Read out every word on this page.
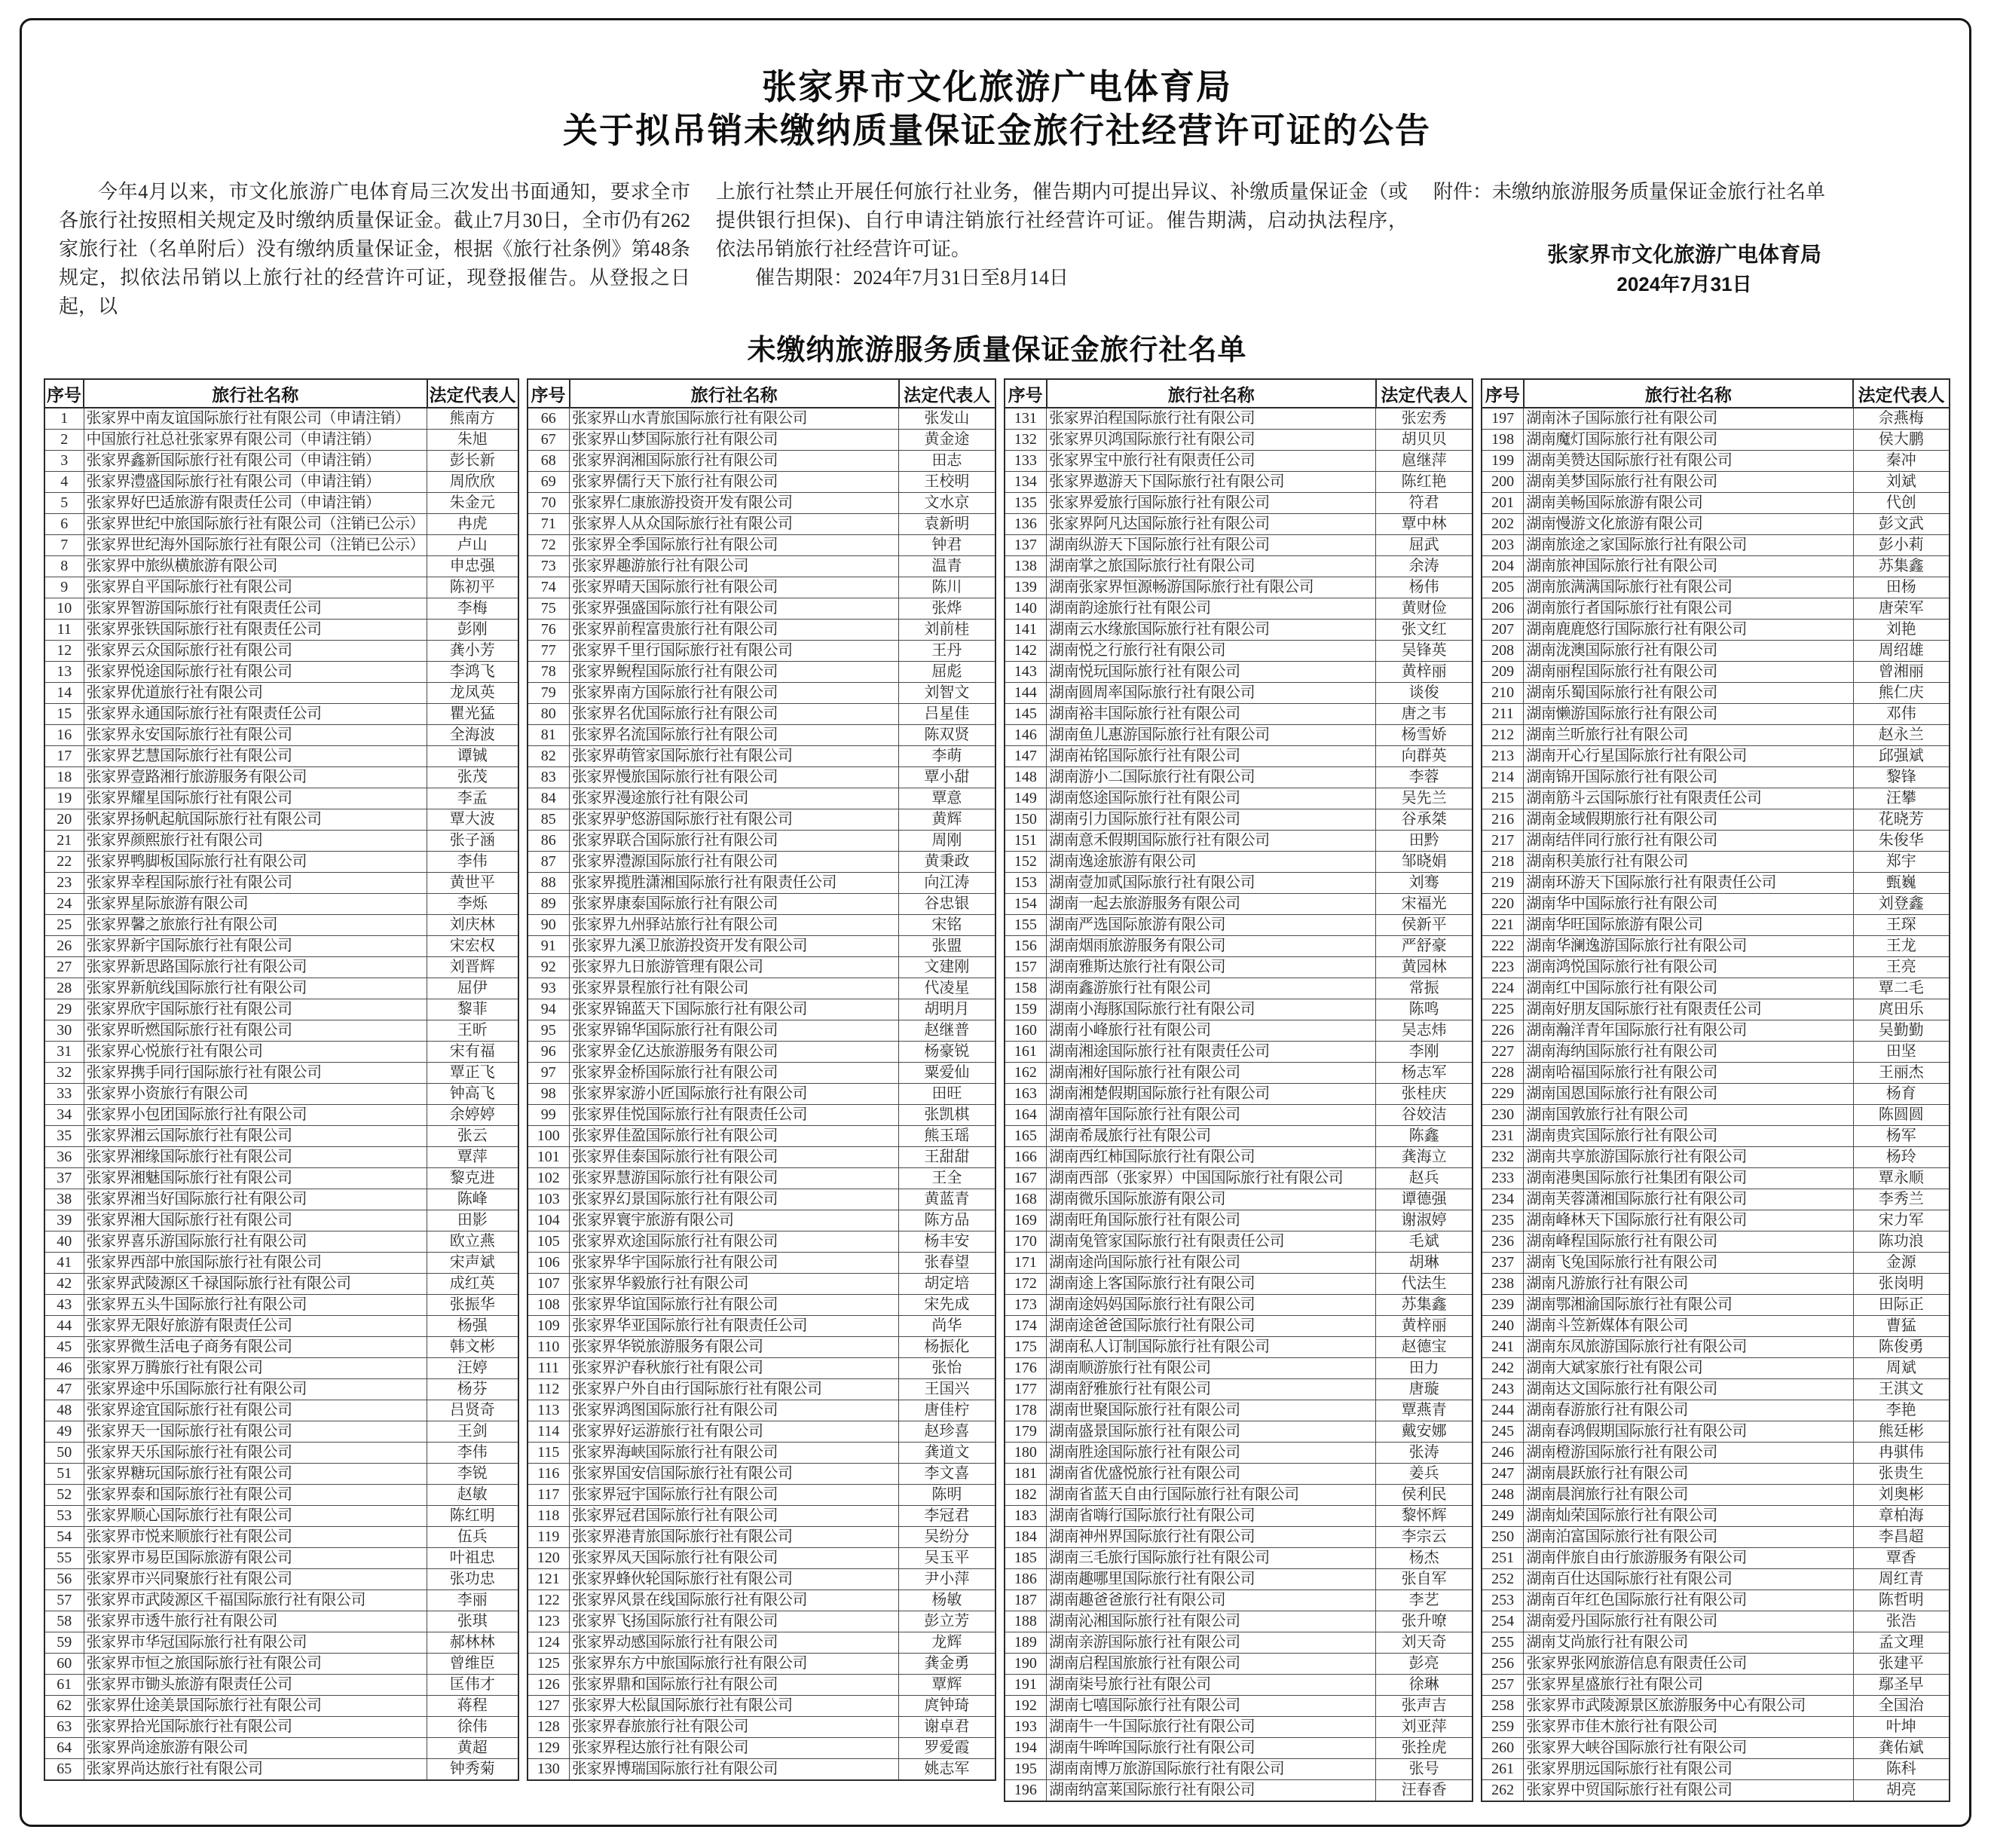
张家界市文化旅游广电体育局
关于拟吊销未缴纳质量保证金旅行社经营许可证的公告

今年4月以来，市文化旅游广电体育局三次发出书面通知，要求全市各旅行社按照相关规定及时缴纳质量保证金。截止7月30日，全市仍有262家旅行社（名单附后）没有缴纳质量保证金，根据《旅行社条例》第48条规定，拟依法吊销以上旅行社的经营许可证，现登报催告。从登报之日起，以

上旅行社禁止开展任何旅行社业务，催告期内可提出异议、补缴质量保证金（或提供银行担保)、自行申请注销旅行社经营许可证。催告期满，启动执法程序，依法吊销旅行社经营许可证。

催告期限：2024年7月31日至8月14日

附件：未缴纳旅游服务质量保证金旅行社名单

张家界市文化旅游广电体育局
2024年7月31日
未缴纳旅游服务质量保证金旅行社名单
序号	旅行社名称	法定代表人
1	张家界中南友谊国际旅行社有限公司（申请注销）	熊南方
2	中国旅行社总社张家界有限公司（申请注销）	朱旭
3	张家界鑫新国际旅行社有限公司（申请注销）	彭长新
4	张家界澧盛国际旅行社有限公司（申请注销）	周欣欣
5	张家界好巴适旅游有限责任公司（申请注销）	朱金元
6	张家界世纪中旅国际旅行社有限公司（注销已公示）	冉虎
7	张家界世纪海外国际旅行社有限公司（注销已公示）	卢山
8	张家界中旅纵横旅游有限公司	申忠强
9	张家界自平国际旅行社有限公司	陈初平
10	张家界智游国际旅行社有限责任公司	李梅
11	张家界张铁国际旅行社有限责任公司	彭刚
12	张家界云众国际旅行社有限公司	龚小芳
13	张家界悦途国际旅行社有限公司	李鸿飞
14	张家界优道旅行社有限公司	龙凤英
15	张家界永通国际旅行社有限责任公司	瞿光猛
16	张家界永安国际旅行社有限公司	全海波
17	张家界艺慧国际旅行社有限公司	谭铖
18	张家界壹路湘行旅游服务有限公司	张茂
19	张家界耀星国际旅行社有限公司	李孟
20	张家界扬帆起航国际旅行社有限公司	覃大波
21	张家界颜熙旅行社有限公司	张子涵
22	张家界鸭脚板国际旅行社有限公司	李伟
23	张家界幸程国际旅行社有限公司	黄世平
24	张家界星际旅游有限公司	李烁
25	张家界馨之旅旅行社有限公司	刘庆林
26	张家界新宇国际旅行社有限公司	宋宏权
27	张家界新思路国际旅行社有限公司	刘晋辉
28	张家界新航线国际旅行社有限公司	屈伊
29	张家界欣宇国际旅行社有限公司	黎菲
30	张家界昕燃国际旅行社有限公司	王昕
31	张家界心悦旅行社有限公司	宋有福
32	张家界携手同行国际旅行社有限公司	覃正飞
33	张家界小资旅行有限公司	钟高飞
34	张家界小包团国际旅行社有限公司	余婷婷
35	张家界湘云国际旅行社有限公司	张云
36	张家界湘缘国际旅行社有限公司	覃萍
37	张家界湘魅国际旅行社有限公司	黎克进
38	张家界湘当好国际旅行社有限公司	陈峰
39	张家界湘大国际旅行社有限公司	田影
40	张家界喜乐游国际旅行社有限公司	欧立燕
41	张家界西部中旅国际旅行社有限公司	宋声斌
42	张家界武陵源区千禄国际旅行社有限公司	成红英
43	张家界五头牛国际旅行社有限公司	张振华
44	张家界无限好旅游有限责任公司	杨强
45	张家界微生活电子商务有限公司	韩文彬
46	张家界万腾旅行社有限公司	汪婷
47	张家界途中乐国际旅行社有限公司	杨芬
48	张家界途宜国际旅行社有限公司	吕贤奇
49	张家界天一国际旅行社有限公司	王剑
50	张家界天乐国际旅行社有限公司	李伟
51	张家界糖玩国际旅行社有限公司	李锐
52	张家界泰和国际旅行社有限公司	赵敏
53	张家界顺心国际旅行社有限公司	陈红明
54	张家界市悦来顺旅行社有限公司	伍兵
55	张家界市易臣国际旅游有限公司	叶祖忠
56	张家界市兴同聚旅行社有限公司	张功忠
57	张家界市武陵源区千福国际旅行社有限公司	李丽
58	张家界市透牛旅行社有限公司	张琪
59	张家界市华冠国际旅行社有限公司	郝林林
60	张家界市恒之旅国际旅行社有限公司	曾维臣
61	张家界市锄头旅游有限责任公司	匡伟才
62	张家界仕途美景国际旅行社有限公司	蒋程
63	张家界拾光国际旅行社有限公司	徐伟
64	张家界尚途旅游有限公司	黄超
65	张家界尚达旅行社有限公司	钟秀菊
序号	旅行社名称	法定代表人
66	张家界山水青旅国际旅行社有限公司	张发山
67	张家界山梦国际旅行社有限公司	黄金途
68	张家界润湘国际旅行社有限公司	田志
69	张家界儒行天下旅行社有限公司	王校明
70	张家界仁康旅游投资开发有限公司	文水京
71	张家界人从众国际旅行社有限公司	袁新明
72	张家界全季国际旅行社有限公司	钟君
73	张家界趣游旅行社有限公司	温青
74	张家界晴天国际旅行社有限公司	陈川
75	张家界强盛国际旅行社有限公司	张烨
76	张家界前程富贵旅行社有限公司	刘前桂
77	张家界千里行国际旅行社有限公司	王丹
78	张家界鲵程国际旅行社有限公司	屈彪
79	张家界南方国际旅行社有限公司	刘智文
80	张家界名优国际旅行社有限公司	吕星佳
81	张家界名流国际旅行社有限公司	陈双贤
82	张家界萌管家国际旅行社有限公司	李萌
83	张家界慢旅国际旅行社有限公司	覃小甜
84	张家界漫途旅行社有限公司	覃意
85	张家界驴悠游国际旅行社有限公司	黄辉
86	张家界联合国际旅行社有限公司	周刚
87	张家界澧源国际旅行社有限公司	黄秉政
88	张家界揽胜潇湘国际旅行社有限责任公司	向江涛
89	张家界康泰国际旅行社有限公司	谷忠银
90	张家界九州驿站旅行社有限公司	宋铭
91	张家界九溪卫旅游投资开发有限公司	张盟
92	张家界九日旅游管理有限公司	文建刚
93	张家界景程旅行社有限公司	代凌星
94	张家界锦蓝天下国际旅行社有限公司	胡明月
95	张家界锦华国际旅行社有限公司	赵继普
96	张家界金亿达旅游服务有限公司	杨豪锐
97	张家界金桥国际旅行社有限公司	粟爱仙
98	张家界家游小匠国际旅行社有限公司	田旺
99	张家界佳悦国际旅行社有限责任公司	张凯棋
100	张家界佳盈国际旅行社有限公司	熊玉瑶
101	张家界佳泰国际旅行社有限公司	王甜甜
102	张家界慧游国际旅行社有限公司	王全
103	张家界幻景国际旅行社有限公司	黄蓝青
104	张家界寰宇旅游有限公司	陈方品
105	张家界欢途国际旅行社有限公司	杨丰安
106	张家界华宇国际旅行社有限公司	张春望
107	张家界华毅旅行社有限公司	胡定培
108	张家界华谊国际旅行社有限公司	宋先成
109	张家界华亚国际旅行社有限责任公司	尚华
110	张家界华锐旅游服务有限公司	杨振化
111	张家界沪春秋旅行社有限公司	张怡
112	张家界户外自由行国际旅行社有限公司	王国兴
113	张家界鸿图国际旅行社有限公司	唐佳柠
114	张家界好运游旅行社有限公司	赵珍喜
115	张家界海峡国际旅行社有限公司	龚道文
116	张家界国安信国际旅行社有限公司	李文喜
117	张家界冠宇国际旅行社有限公司	陈明
118	张家界冠君国际旅行社有限公司	李冠君
119	张家界港青旅国际旅行社有限公司	吴纷分
120	张家界凤天国际旅行社有限公司	吴玉平
121	张家界蜂伙轮国际旅行社有限公司	尹小萍
122	张家界风景在线国际旅行社有限公司	杨敏
123	张家界飞扬国际旅行社有限公司	彭立芳
124	张家界动感国际旅行社有限公司	龙辉
125	张家界东方中旅国际旅行社有限公司	龚金勇
126	张家界鼎和国际旅行社有限公司	覃辉
127	张家界大松鼠国际旅行社有限公司	庹钟琦
128	张家界春旅旅行社有限公司	谢卓君
129	张家界程达旅行社有限公司	罗爱霞
130	张家界博瑞国际旅行社有限公司	姚志军
序号	旅行社名称	法定代表人
131	张家界泊程国际旅行社有限公司	张宏秀
132	张家界贝鸿国际旅行社有限公司	胡贝贝
133	张家界宝中旅行社有限责任公司	扈继萍
134	张家界遨游天下国际旅行社有限公司	陈红艳
135	张家界爱旅行国际旅行社有限公司	符君
136	张家界阿凡达国际旅行社有限公司	覃中林
137	湖南纵游天下国际旅行社有限公司	屈武
138	湖南掌之旅国际旅行社有限公司	余涛
139	湖南张家界恒源畅游国际旅行社有限公司	杨伟
140	湖南韵途旅行社有限公司	黄财俭
141	湖南云水缘旅国际旅行社有限公司	张文红
142	湖南悦之行旅行社有限公司	吴锋英
143	湖南悦玩国际旅行社有限公司	黄梓丽
144	湖南圆周率国际旅行社有限公司	谈俊
145	湖南裕丰国际旅行社有限公司	唐之韦
146	湖南鱼儿惠游国际旅行社有限公司	杨雪娇
147	湖南祐铭国际旅行社有限公司	向群英
148	湖南游小二国际旅行社有限公司	李蓉
149	湖南悠途国际旅行社有限公司	吴先兰
150	湖南引力国际旅行社有限公司	谷承桀
151	湖南意禾假期国际旅行社有限公司	田黔
152	湖南逸途旅游有限公司	邹晓娟
153	湖南壹加贰国际旅行社有限公司	刘骞
154	湖南一起去旅游服务有限公司	宋福光
155	湖南严选国际旅游有限公司	侯新平
156	湖南烟雨旅游服务有限公司	严舒豪
157	湖南雅斯达旅行社有限公司	黄园林
158	湖南鑫游旅行社有限公司	常振
159	湖南小海豚国际旅行社有限公司	陈鸣
160	湖南小峰旅行社有限公司	吴志炜
161	湖南湘途国际旅行社有限责任公司	李刚
162	湖南湘好国际旅行社有限公司	杨志军
163	湖南湘楚假期国际旅行社有限公司	张桂庆
164	湖南禧年国际旅行社有限公司	谷姣洁
165	湖南希晟旅行社有限公司	陈鑫
166	湖南西红柿国际旅行社有限公司	龚海立
167	湖南西部（张家界）中国国际旅行社有限公司	赵兵
168	湖南微乐国际旅游有限公司	谭德强
169	湖南旺角国际旅行社有限公司	谢淑婷
170	湖南兔管家国际旅行社有限责任公司	毛斌
171	湖南途尚国际旅行社有限公司	胡琳
172	湖南途上客国际旅行社有限公司	代法生
173	湖南途妈妈国际旅行社有限公司	苏集鑫
174	湖南途爸爸国际旅行社有限公司	黄梓丽
175	湖南私人订制国际旅行社有限公司	赵德宝
176	湖南顺游旅行社有限公司	田力
177	湖南舒雅旅行社有限公司	唐璇
178	湖南世聚国际旅行社有限公司	覃燕青
179	湖南盛景国际旅行社有限公司	戴安娜
180	湖南胜途国际旅行社有限公司	张涛
181	湖南省优盛悦旅行社有限公司	姜兵
182	湖南省蓝天自由行国际旅行社有限公司	侯利民
183	湖南省嗨行国际旅行社有限公司	黎怀辉
184	湖南神州界国际旅行社有限公司	李宗云
185	湖南三毛旅行国际旅行社有限公司	杨杰
186	湖南趣哪里国际旅行社有限公司	张自军
187	湖南趣爸爸旅行社有限公司	李艺
188	湖南沁湘国际旅行社有限公司	张升嘹
189	湖南亲游国际旅行社有限公司	刘天奇
190	湖南启程国旅旅行社有限公司	彭亮
191	湖南柒号旅行社有限公司	徐琳
192	湖南七嘻国际旅行社有限公司	张声吉
193	湖南牛一牛国际旅行社有限公司	刘亚萍
194	湖南牛哞哞国际旅行社有限公司	张拴虎
195	湖南南博万旅游国际旅行社有限公司	张号
196	湖南纳富莱国际旅行社有限公司	汪春香
序号	旅行社名称	法定代表人
197	湖南沐子国际旅行社有限公司	佘燕梅
198	湖南魔灯国际旅行社有限公司	侯大鹏
199	湖南美赞达国际旅行社有限公司	秦冲
200	湖南美梦国际旅行社有限公司	刘斌
201	湖南美畅国际旅游有限公司	代创
202	湖南慢游文化旅游有限公司	彭文武
203	湖南旅途之家国际旅行社有限公司	彭小莉
204	湖南旅神国际旅行社有限公司	苏集鑫
205	湖南旅满满国际旅行社有限公司	田杨
206	湖南旅行者国际旅行社有限公司	唐荣军
207	湖南鹿鹿悠行国际旅行社有限公司	刘艳
208	湖南泷澳国际旅行社有限公司	周绍雄
209	湖南丽程国际旅行社有限公司	曾湘丽
210	湖南乐蜀国际旅行社有限公司	熊仁庆
211	湖南懒游国际旅行社有限公司	邓伟
212	湖南兰昕旅行社有限公司	赵永兰
213	湖南开心行星国际旅行社有限公司	邱强斌
214	湖南锦开国际旅行社有限公司	黎锋
215	湖南筋斗云国际旅行社有限责任公司	汪攀
216	湖南金域假期旅行社有限公司	花晓芳
217	湖南结伴同行旅行社有限公司	朱俊华
218	湖南积美旅行社有限公司	郑宇
219	湖南环游天下国际旅行社有限责任公司	甄巍
220	湖南华中国际旅行社有限公司	刘登鑫
221	湖南华旺国际旅游有限公司	王琛
222	湖南华澜逸游国际旅行社有限公司	王龙
223	湖南鸿悦国际旅行社有限公司	王亮
224	湖南红中国际旅行社有限公司	覃二毛
225	湖南好朋友国际旅行社有限责任公司	庹田乐
226	湖南瀚洋青年国际旅行社有限公司	吴勤勤
227	湖南海纳国际旅行社有限公司	田坚
228	湖南哈福国际旅行社有限公司	王丽杰
229	湖南国恩国际旅行社有限公司	杨育
230	湖南国敦旅行社有限公司	陈圆圆
231	湖南贵宾国际旅行社有限公司	杨军
232	湖南共享旅游国际旅行社有限公司	杨玲
233	湖南港奥国际旅行社集团有限公司	覃永顺
234	湖南芙蓉潇湘国际旅行社有限公司	李秀兰
235	湖南峰林天下国际旅行社有限公司	宋力军
236	湖南峰程国际旅行社有限公司	陈功浪
237	湖南飞兔国际旅行社有限公司	金源
238	湖南凡游旅行社有限公司	张岗明
239	湖南鄂湘渝国际旅行社有限公司	田际正
240	湖南斗笠新媒体有限公司	曹猛
241	湖南东凤旅游国际旅行社有限公司	陈俊勇
242	湖南大斌家旅行社有限公司	周斌
243	湖南达文国际旅行社有限公司	王淇文
244	湖南春游旅行社有限公司	李艳
245	湖南春鸿假期国际旅行社有限公司	熊廷彬
246	湖南橙游国际旅行社有限公司	冉骐伟
247	湖南晨跃旅行社有限公司	张贵生
248	湖南晨润旅行社有限公司	刘奥彬
249	湖南灿荣国际旅行社有限公司	章柏海
250	湖南泊富国际旅行社有限公司	李昌超
251	湖南伴旅自由行旅游服务有限公司	覃香
252	湖南百仕达国际旅行社有限公司	周红青
253	湖南百年红色国际旅行社有限公司	陈哲明
254	湖南爱丹国际旅行社有限公司	张浩
255	湖南艾尚旅行社有限公司	孟文理
256	张家界张网旅游信息有限责任公司	张建平
257	张家界星盛旅行社有限公司	鄢圣早
258	张家界市武陵源景区旅游服务中心有限公司	全国治
259	张家界市佳木旅行社有限公司	叶坤
260	张家界大峡谷国际旅行社有限公司	龚佑斌
261	张家界朋远国际旅行社有限公司	陈科
262	张家界中贸国际旅行社有限公司	胡亮
